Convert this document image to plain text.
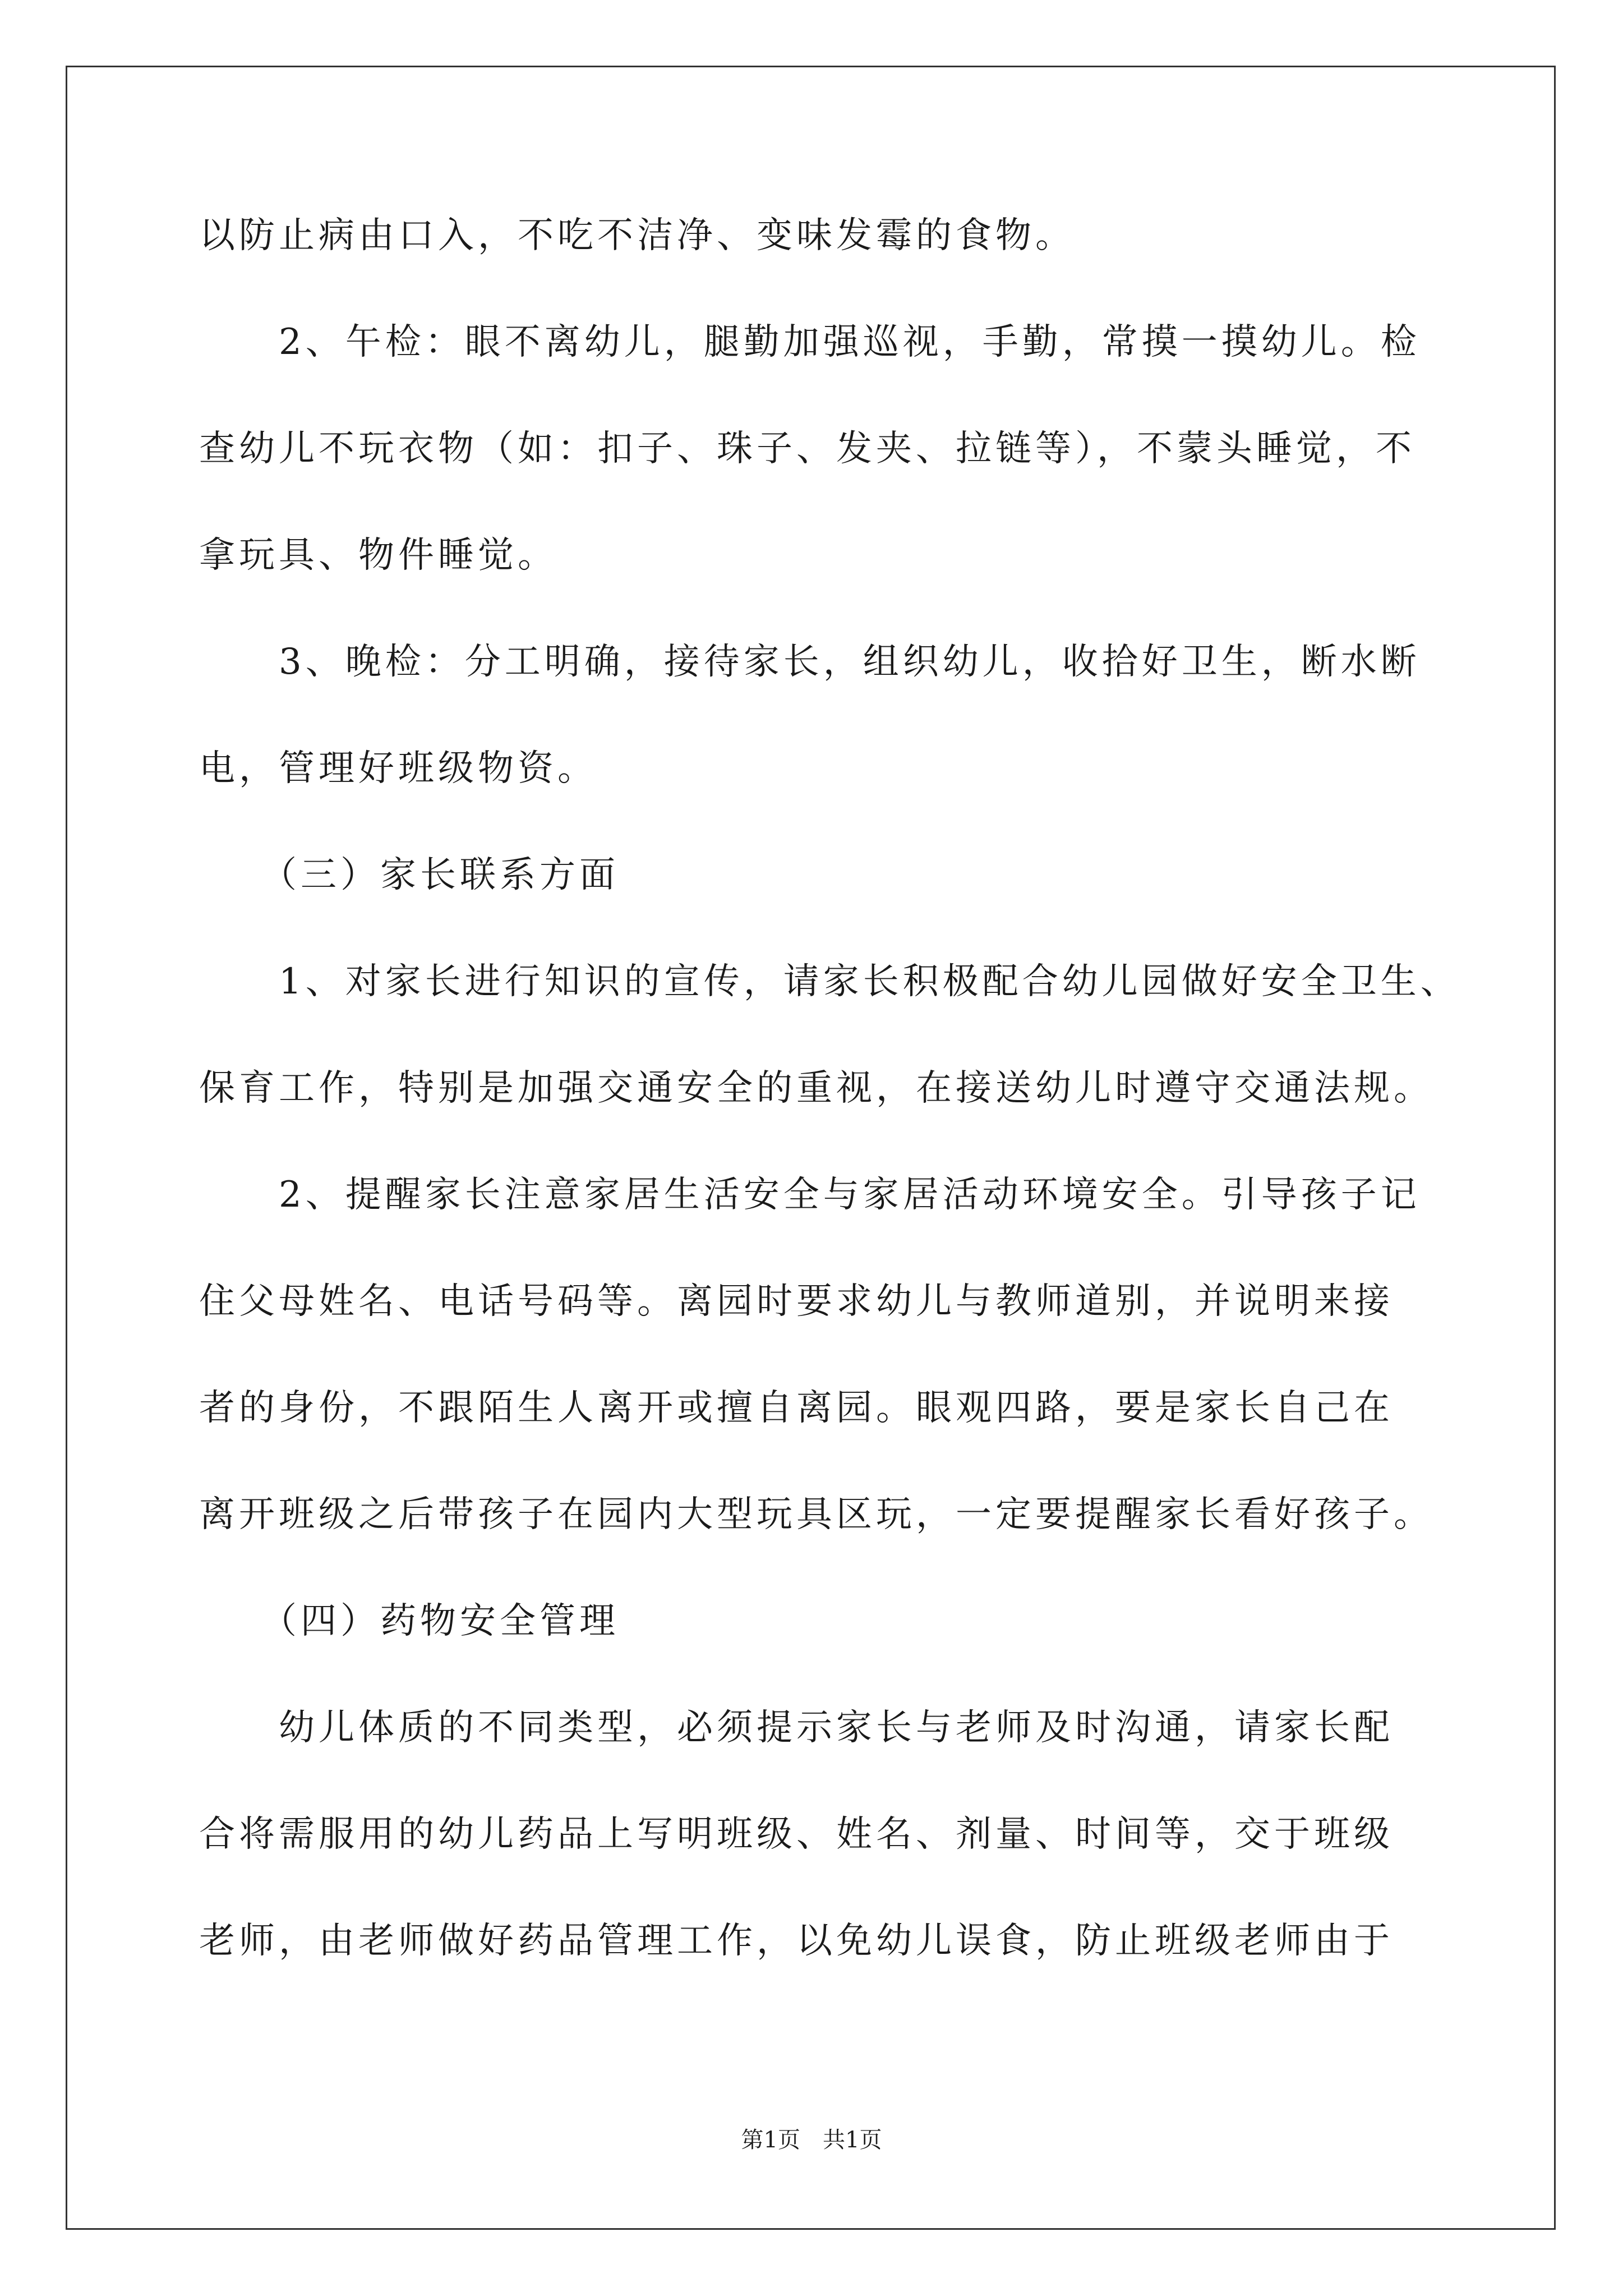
以防止病由口入，不吃不洁净、变味发霉的食物。
　　2、午检：眼不离幼儿，腿勤加强巡视，手勤，常摸一摸幼儿。检
查幼儿不玩衣物（如：扣子、珠子、发夹、拉链等），不蒙头睡觉，不
拿玩具、物件睡觉。
　　3、晚检：分工明确，接待家长，组织幼儿，收拾好卫生，断水断
电，管理好班级物资。
　　（三）家长联系方面
　　1、对家长进行知识的宣传，请家长积极配合幼儿园做好安全卫生、
保育工作，特别是加强交通安全的重视，在接送幼儿时遵守交通法规。
　　2、提醒家长注意家居生活安全与家居活动环境安全。引导孩子记
住父母姓名、电话号码等。离园时要求幼儿与教师道别，并说明来接
者的身份，不跟陌生人离开或擅自离园。眼观四路，要是家长自己在
离开班级之后带孩子在园内大型玩具区玩，一定要提醒家长看好孩子。
　　（四）药物安全管理
　　幼儿体质的不同类型，必须提示家长与老师及时沟通，请家长配
合将需服用的幼儿药品上写明班级、姓名、剂量、时间等，交于班级
老师，由老师做好药品管理工作，以免幼儿误食，防止班级老师由于
第1页　共1页
